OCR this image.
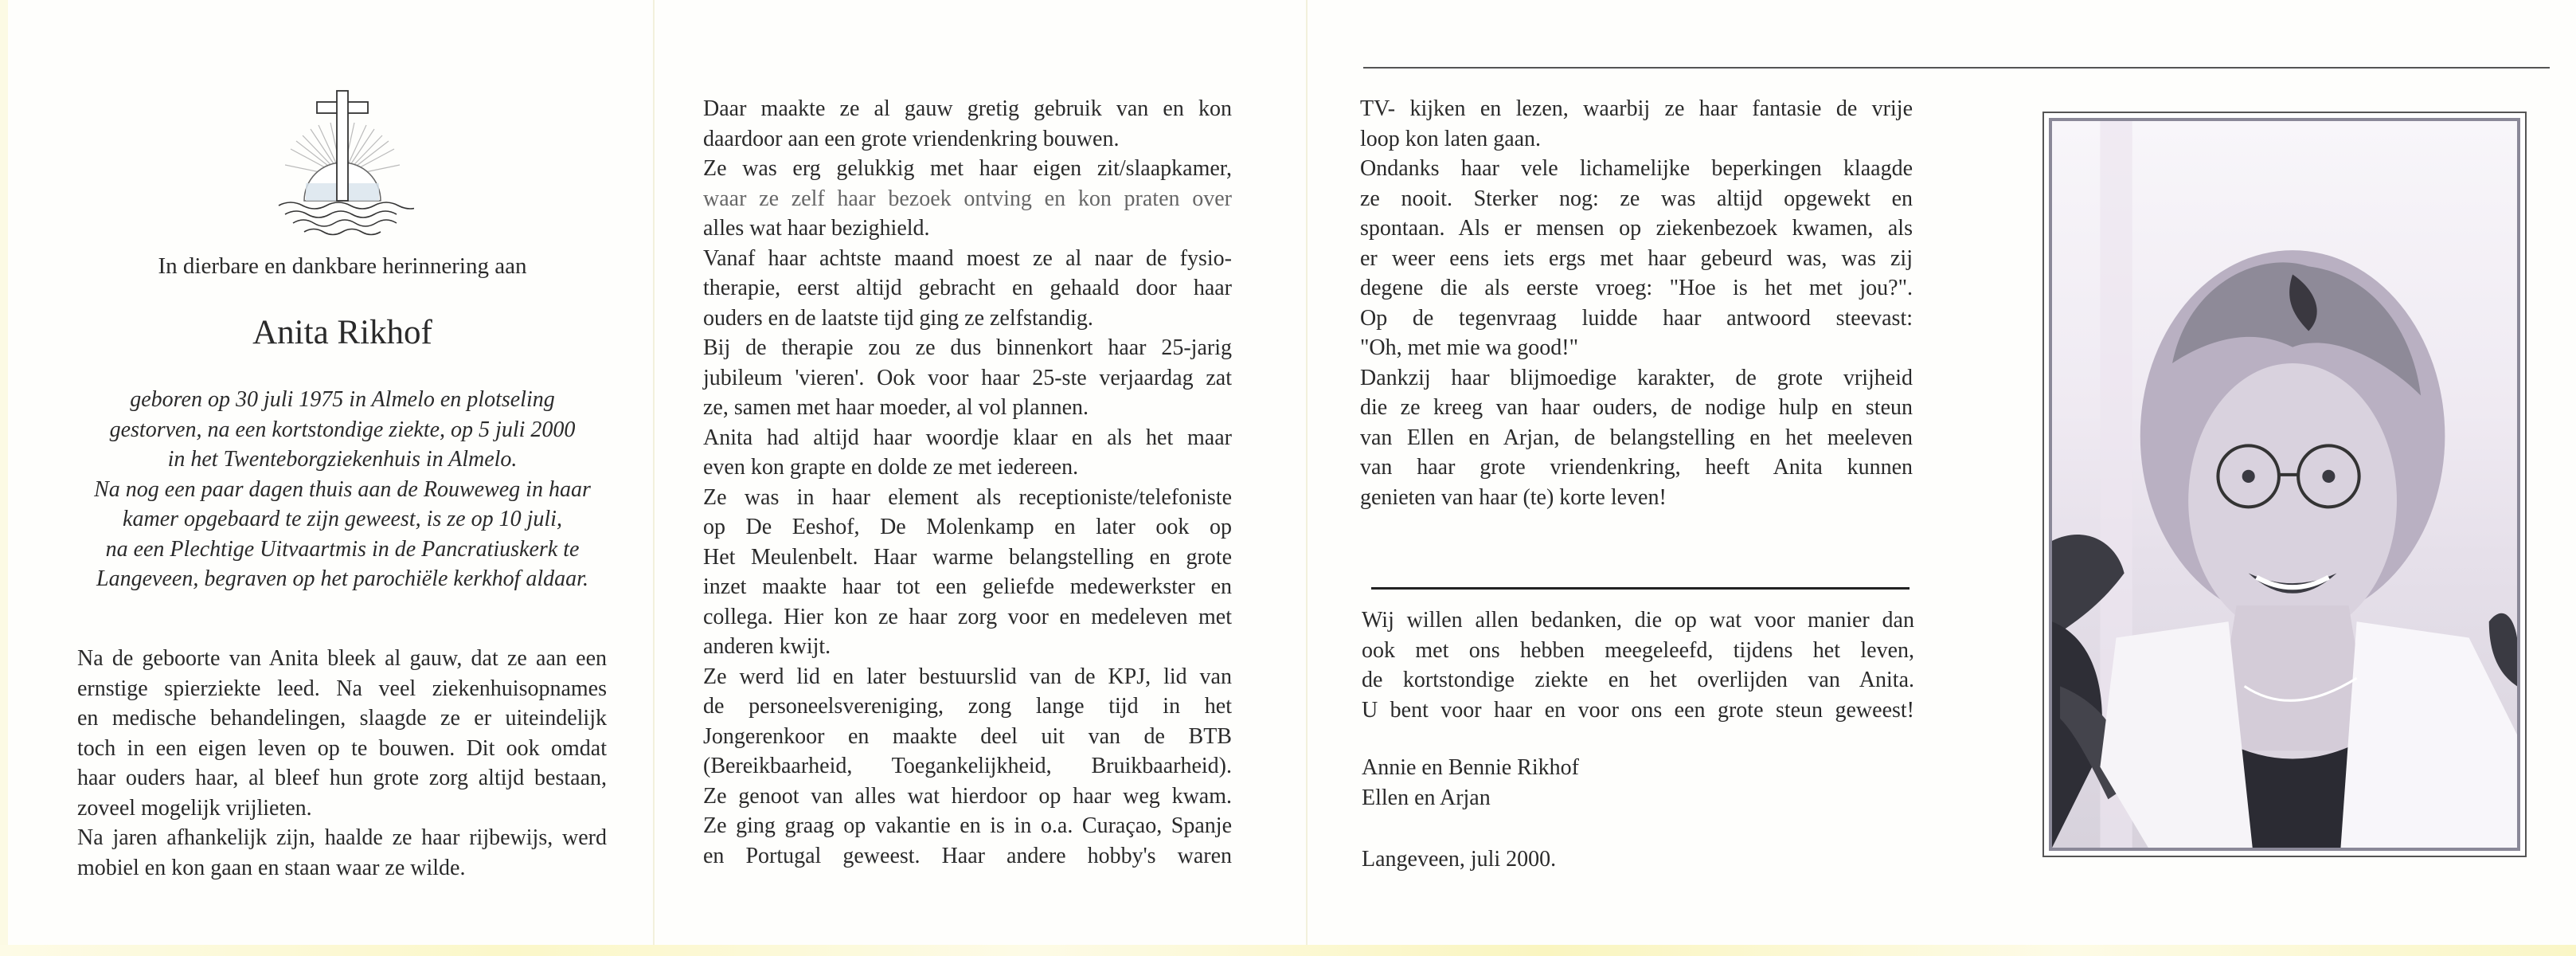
In dierbare en dankbare herinnering aan
Anita Rikhof
geboren op 30 juli 1975 in Almelo en plotseling
gestorven, na een kortstondige ziekte, op 5 juli 2000
in het Twenteborgziekenhuis in Almelo.
Na nog een paar dagen thuis aan de Rouweweg in haar
kamer opgebaard te zijn geweest, is ze op 10 juli,
na een Plechtige Uitvaartmis in de Pancratiuskerk te
Langeveen, begraven op het parochiële kerkhof aldaar.
Na de geboorte van Anita bleek al gauw, dat ze aan een
ernstige spierziekte leed. Na veel ziekenhuisopnames
en medische behandelingen, slaagde ze er uiteindelijk
toch in een eigen leven op te bouwen. Dit ook omdat
haar ouders haar, al bleef hun grote zorg altijd bestaan,
zoveel mogelijk vrijlieten.
Na jaren afhankelijk zijn, haalde ze haar rijbewijs, werd
mobiel en kon gaan en staan waar ze wilde.
Daar maakte ze al gauw gretig gebruik van en kon
daardoor aan een grote vriendenkring bouwen.
Ze was erg gelukkig met haar eigen zit/slaapkamer,
waar ze zelf haar bezoek ontving en kon praten over
alles wat haar bezighield.
Vanaf haar achtste maand moest ze al naar de fysio-
therapie, eerst altijd gebracht en gehaald door haar
ouders en de laatste tijd ging ze zelfstandig.
Bij de therapie zou ze dus binnenkort haar 25-jarig
jubileum 'vieren'. Ook voor haar 25-ste verjaardag zat
ze, samen met haar moeder, al vol plannen.
Anita had altijd haar woordje klaar en als het maar
even kon grapte en dolde ze met iedereen.
Ze was in haar element als receptioniste/telefoniste
op De Eeshof, De Molenkamp en later ook op
Het Meulenbelt. Haar warme belangstelling en grote
inzet maakte haar tot een geliefde medewerkster en
collega. Hier kon ze haar zorg voor en medeleven met
anderen kwijt.
Ze werd lid en later bestuurslid van de KPJ, lid van
de personeelsvereniging, zong lange tijd in het
Jongerenkoor en maakte deel uit van de BTB
(Bereikbaarheid, Toegankelijkheid, Bruikbaarheid).
Ze genoot van alles wat hierdoor op haar weg kwam.
Ze ging graag op vakantie en is in o.a. Curaçao, Spanje
en Portugal geweest. Haar andere hobby's waren
TV- kijken en lezen, waarbij ze haar fantasie de vrije
loop kon laten gaan.
Ondanks haar vele lichamelijke beperkingen klaagde
ze nooit. Sterker nog: ze was altijd opgewekt en
spontaan. Als er mensen op ziekenbezoek kwamen, als
er weer eens iets ergs met haar gebeurd was, was zij
degene die als eerste vroeg: "Hoe is het met jou?".
Op de tegenvraag luidde haar antwoord steevast:
"Oh, met mie wa good!"
Dankzij haar blijmoedige karakter, de grote vrijheid
die ze kreeg van haar ouders, de nodige hulp en steun
van Ellen en Arjan, de belangstelling en het meeleven
van haar grote vriendenkring, heeft Anita kunnen
genieten van haar (te) korte leven!
Wij willen allen bedanken, die op wat voor manier dan
ook met ons hebben meegeleefd, tijdens het leven,
de kortstondige ziekte en het overlijden van Anita.
U bent voor haar en voor ons een grote steun geweest!
Annie en Bennie Rikhof
Ellen en Arjan
Langeveen, juli 2000.
